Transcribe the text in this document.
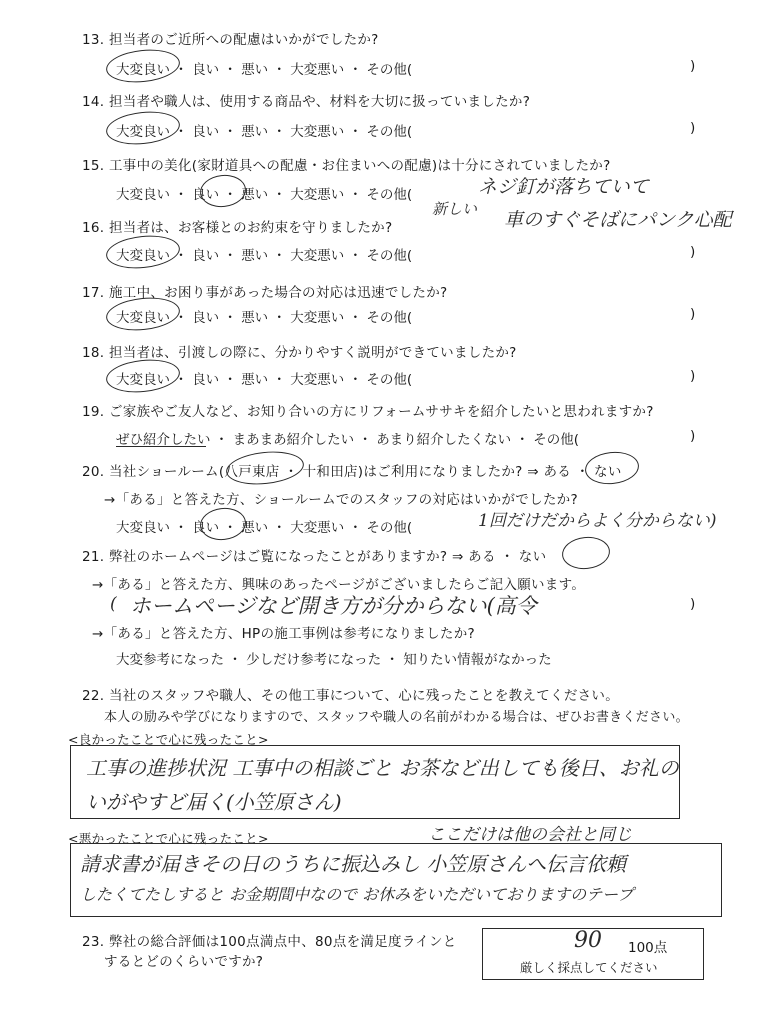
13. 担当者のご近所への配慮はいかがでしたか?
大変良い ・ 良い ・ 悪い ・ 大変悪い ・ その他(	)
14. 担当者や職人は、使用する商品や、材料を大切に扱っていましたか?
大変良い ・ 良い ・ 悪い ・ 大変悪い ・ その他(	)
15. 工事中の美化(家財道具への配慮・お住まいへの配慮)は十分にされていましたか?
大変良い ・ 良い ・ 悪い ・ 大変悪い ・ その他(	ネジ釘が落ちていて
新しい 車のすぐそばにパンク心配
16. 担当者は、お客様とのお約束を守りましたか?
大変良い ・ 良い ・ 悪い ・ 大変悪い ・ その他(	)
17. 施工中、お困り事があった場合の対応は迅速でしたか?
大変良い ・ 良い ・ 悪い ・ 大変悪い ・ その他(	)
18. 担当者は、引渡しの際に、分かりやすく説明ができていましたか?
大変良い ・ 良い ・ 悪い ・ 大変悪い ・ その他(	)
19. ご家族やご友人など、お知り合いの方にリフォームササキを紹介したいと思われますか?
ぜひ紹介したい ・ まあまあ紹介したい ・ あまり紹介したくない ・ その他(	)
20. 当社ショールーム(八戸東店 ・ 十和田店)はご利用になりましたか? ⇒ ある ・ ない
→「ある」と答えた方、ショールームでのスタッフの対応はいかがでしたか?
大変良い ・ 良い ・ 悪い ・ 大変悪い ・ その他(	1回だけだからよく分からない)
21. 弊社のホームページはご覧になったことがありますか? ⇒ ある ・ ない
→「ある」と答えた方、興味のあったページがございましたらご記入願います。
( ホームページなど開き方が分からない(高令	)
→「ある」と答えた方、HPの施工事例は参考になりましたか?
大変参考になった ・ 少しだけ参考になった ・ 知りたい情報がなかった
22. 当社のスタッフや職人、その他工事について、心に残ったことを教えてください。
本人の励みや学びになりますので、スタッフや職人の名前がわかる場合は、ぜひお書きください。
<良かったことで心に残ったこと>
工事の進捗状況 工事中の相談ごと お茶など出しても後日、お礼の
いがやすど届く(小笠原さん)
<悪かったことで心に残ったこと>	ここだけは他の会社と同じ
請求書が届きその日のうちに振込みし 小笠原さんへ伝言依頼
したくてたしすると お金期間中なので お休みをいただいておりますのテープ
23. 弊社の総合評価は100点満点中、80点を満足度ラインと
するとどのくらいですか?
90 100点
厳しく採点してください
